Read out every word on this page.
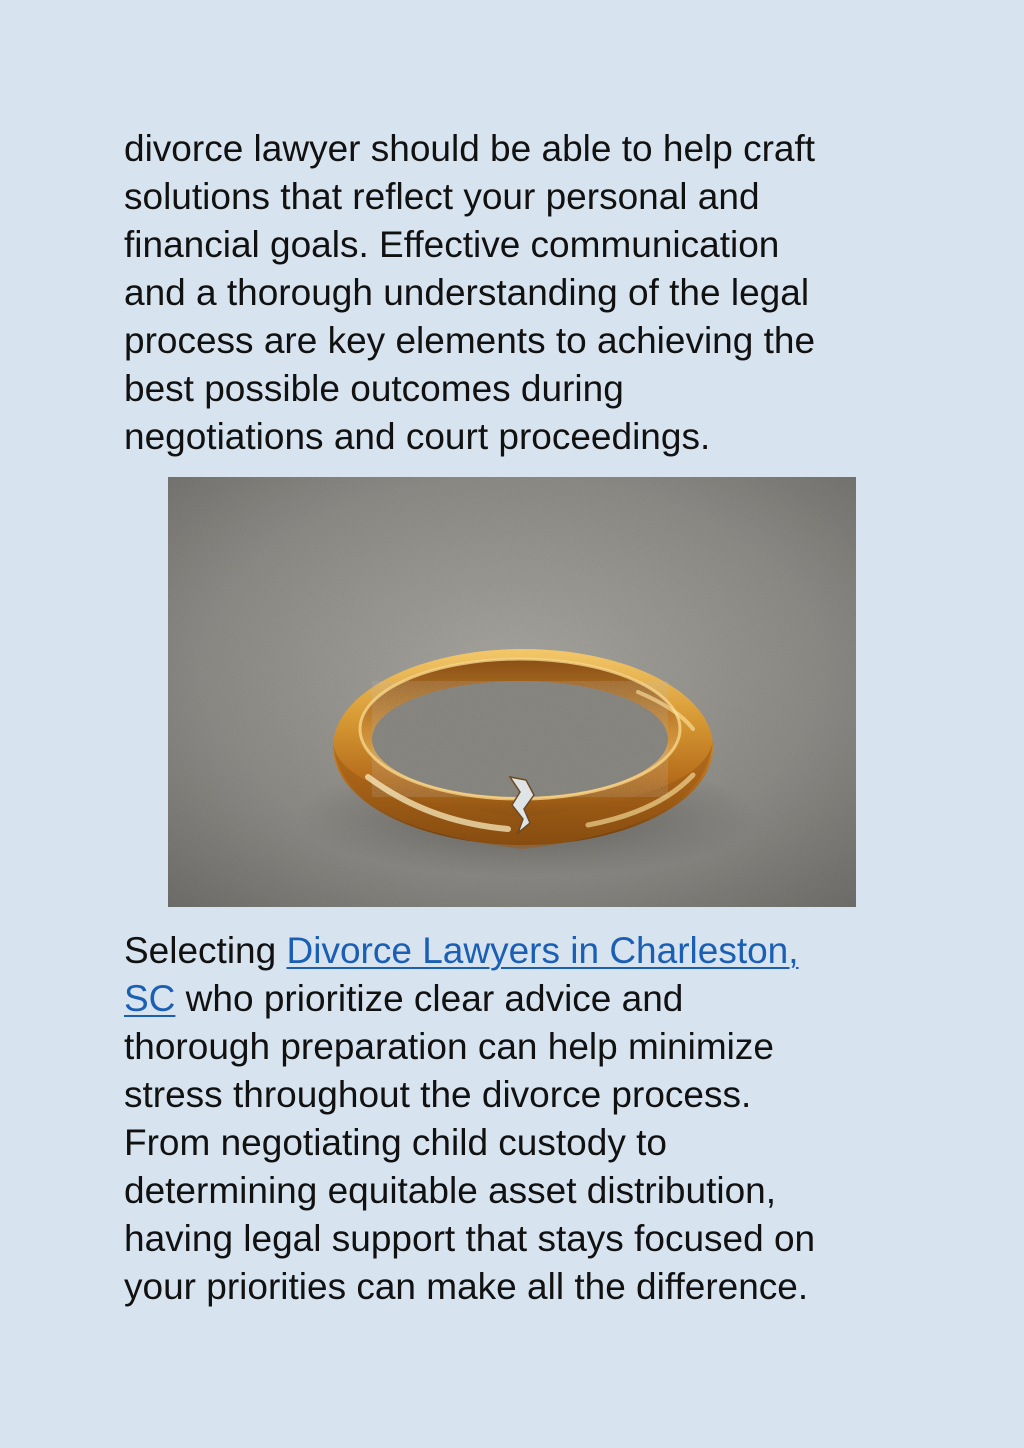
divorce lawyer should be able to help craft
solutions that reflect your personal and
financial goals. Effective communication
and a thorough understanding of the legal
process are key elements to achieving the
best possible outcomes during
negotiations and court proceedings.

Selecting Divorce Lawyers in Charleston,
SC who prioritize clear advice and
thorough preparation can help minimize
stress throughout the divorce process.
From negotiating child custody to
determining equitable asset distribution,
having legal support that stays focused on
your priorities can make all the difference.
